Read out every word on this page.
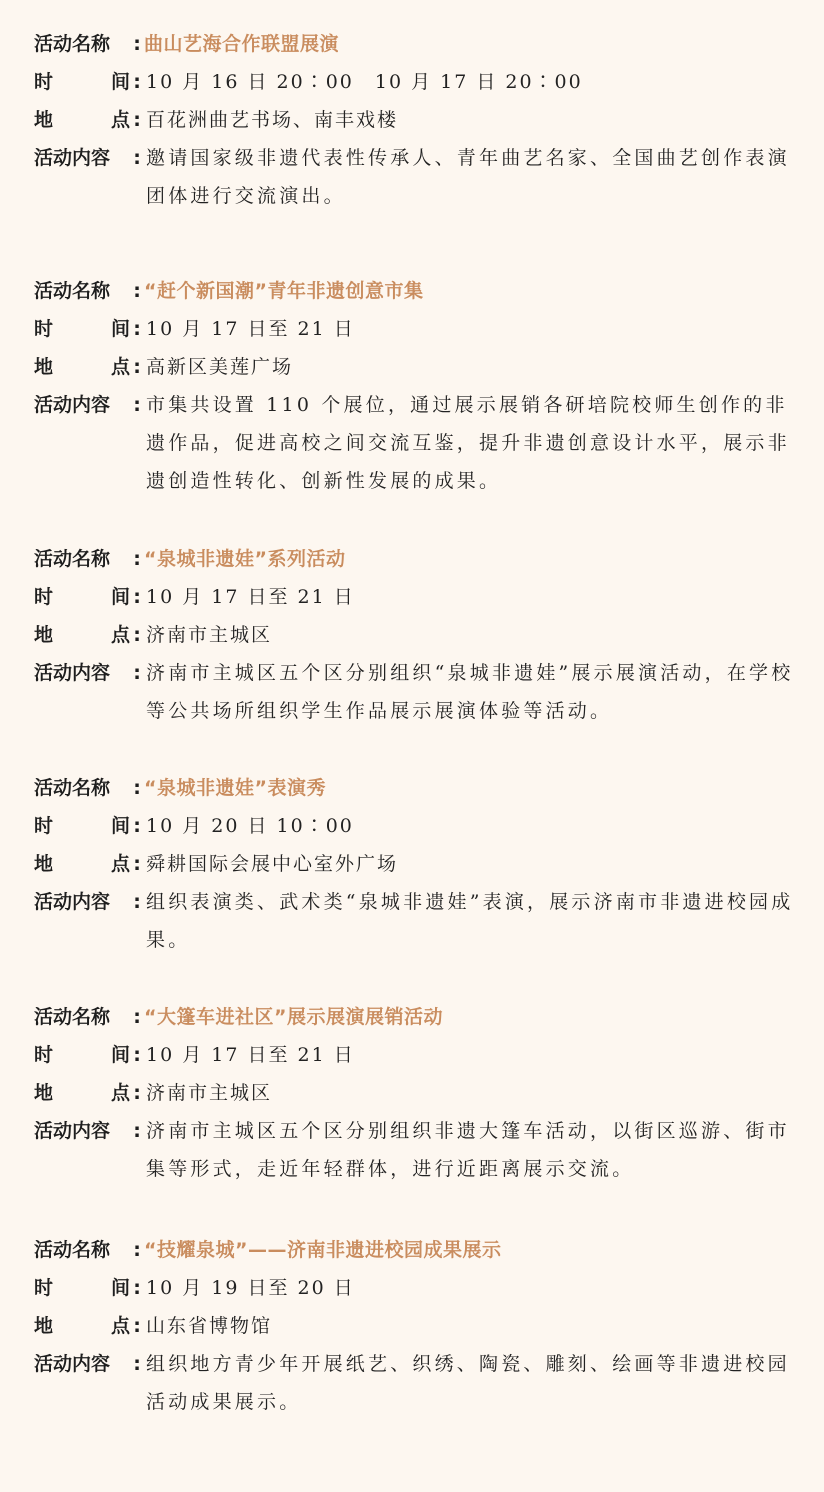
活动名称	: 曲山艺海合作联盟展演
时	间 : 10 月 16 日 20∶00　10 月 17 日 20∶00
地	点 : 百花洲曲艺书场、南丰戏楼
活动内容	: 邀请国家级非遗代表性传承人、青年曲艺名家、全国曲艺创作表演团体进行交流演出。
活动名称	: “赶个新国潮”青年非遗创意市集
时	间 : 10 月 17 日至 21 日
地	点 : 高新区美莲广场
活动内容	: 市集共设置 110 个展位，通过展示展销各研培院校师生创作的非遗作品，促进高校之间交流互鉴，提升非遗创意设计水平，展示非遗创造性转化、创新性发展的成果。
活动名称	: “泉城非遗娃”系列活动
时	间 : 10 月 17 日至 21 日
地	点 : 济南市主城区
活动内容	: 济南市主城区五个区分别组织“泉城非遗娃”展示展演活动，在学校等公共场所组织学生作品展示展演体验等活动。
活动名称	: “泉城非遗娃”表演秀
时	间 : 10 月 20 日 10∶00
地	点 : 舜耕国际会展中心室外广场
活动内容	: 组织表演类、武术类“泉城非遗娃”表演，展示济南市非遗进校园成果。
活动名称	: “大篷车进社区”展示展演展销活动
时	间 : 10 月 17 日至 21 日
地	点 : 济南市主城区
活动内容	: 济南市主城区五个区分别组织非遗大篷车活动，以街区巡游、街市集等形式，走近年轻群体，进行近距离展示交流。
活动名称	: “技耀泉城”——济南非遗进校园成果展示
时	间 : 10 月 19 日至 20 日
地	点 : 山东省博物馆
活动内容	: 组织地方青少年开展纸艺、织绣、陶瓷、雕刻、绘画等非遗进校园活动成果展示。
